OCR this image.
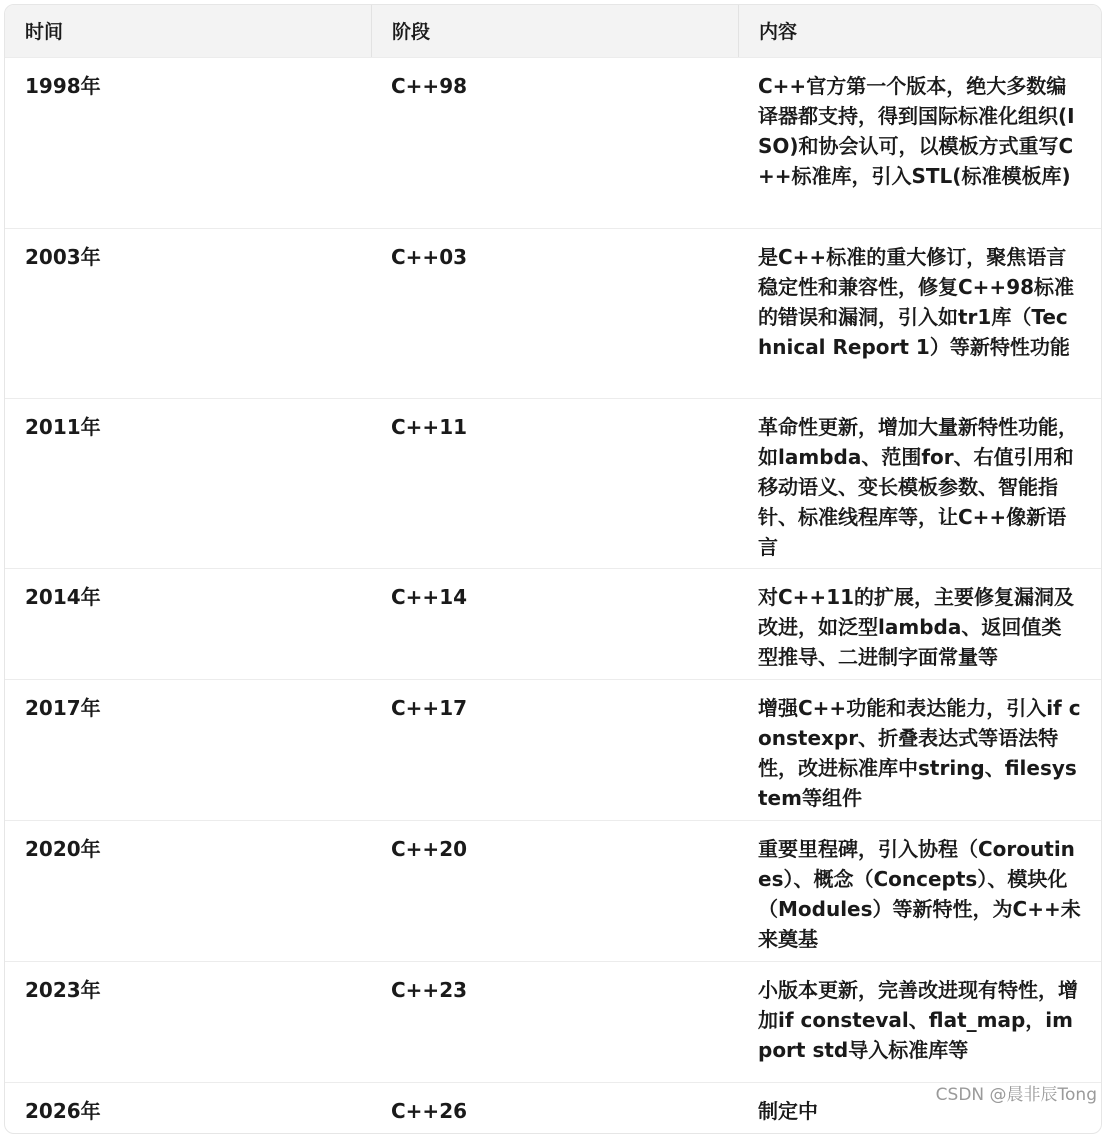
时间	阶段	内容
1998年	C++98	C++官方第一个版本，绝大多数编译器都支持，得到国际标准化组织(ISO)和协会认可，以模板方式重写C++标准库，引入STL(标准模板库)
2003年	C++03	是C++标准的重大修订，聚焦语言稳定性和兼容性，修复C++98标准的错误和漏洞，引入如tr1库（Technical Report 1）等新特性功能
2011年	C++11	革命性更新，增加大量新特性功能，如lambda、范围for、右值引用和移动语义、变长模板参数、智能指针、标准线程库等，让C++像新语言
2014年	C++14	对C++11的扩展，主要修复漏洞及改进，如泛型lambda、返回值类型推导、二进制字面常量等
2017年	C++17	增强C++功能和表达能力，引入if constexpr、折叠表达式等语法特性，改进标准库中string、filesystem等组件
2020年	C++20	重要里程碑，引入协程（Coroutines）、概念（Concepts）、模块化（Modules）等新特性，为C++未来奠基
2023年	C++23	小版本更新，完善改进现有特性，增加if consteval、flat_map，import std导入标准库等
2026年	C++26	制定中
CSDN @晨非辰Tong
